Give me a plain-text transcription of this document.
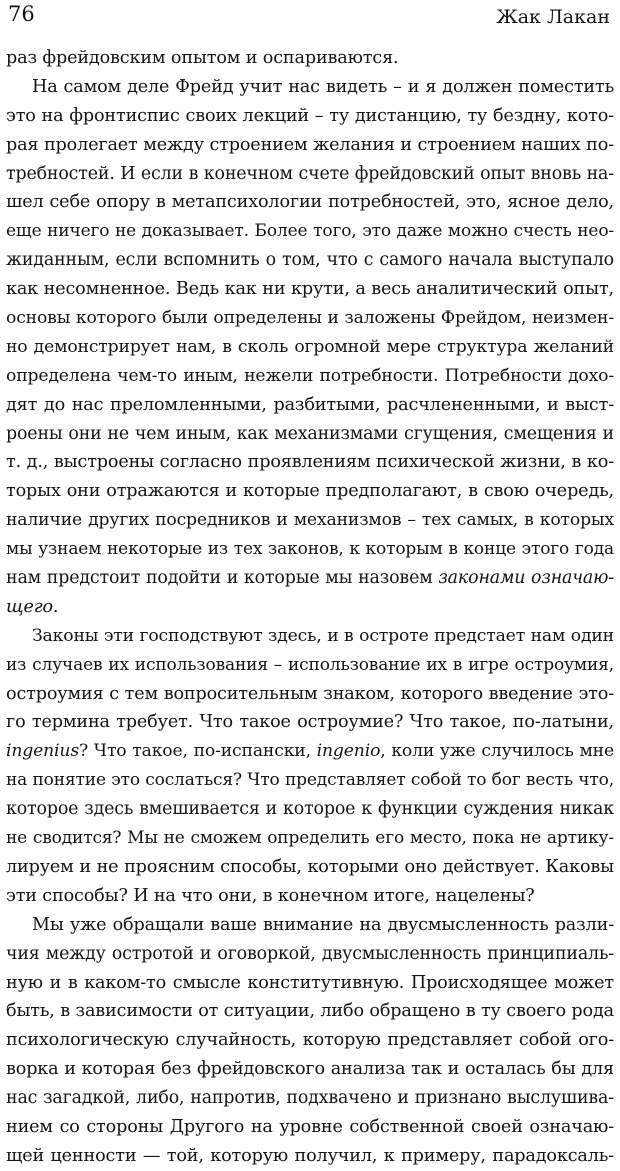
76	Жак Лакан
раз фрейдовским опытом и оспариваются.
На самом деле Фрейд учит нас видеть – и я должен поместить
это на фронтиспис своих лекций – ту дистанцию, ту бездну, кото-
рая пролегает между строением желания и строением наших по-
требностей. И если в конечном счете фрейдовский опыт вновь на-
шел себе опору в метапсихологии потребностей, это, ясное дело,
еще ничего не доказывает. Более того, это даже можно счесть нео-
жиданным, если вспомнить о том, что с самого начала выступало
как несомненное. Ведь как ни крути, а весь аналитический опыт,
основы которого были определены и заложены Фрейдом, неизмен-
но демонстрирует нам, в сколь огромной мере структура желаний
определена чем-то иным, нежели потребности. Потребности дохо-
дят до нас преломленными, разбитыми, расчлененными, и выст-
роены они не чем иным, как механизмами сгущения, смещения и
т. д., выстроены согласно проявлениям психической жизни, в ко-
торых они отражаются и которые предполагают, в свою очередь,
наличие других посредников и механизмов – тех самых, в которых
мы узнаем некоторые из тех законов, к которым в конце этого года
нам предстоит подойти и которые мы назовем законами означаю-
щего.
Законы эти господствуют здесь, и в остроте предстает нам один
из случаев их использования – использование их в игре остроумия,
остроумия с тем вопросительным знаком, которого введение это-
го термина требует. Что такое остроумие? Что такое, по-латыни,
ingenius? Что такое, по-испански, ingenio, коли уже случилось мне
на понятие это сослаться? Что представляет собой то бог весть что,
которое здесь вмешивается и которое к функции суждения никак
не сводится? Мы не сможем определить его место, пока не артику-
лируем и не проясним способы, которыми оно действует. Каковы
эти способы? И на что они, в конечном итоге, нацелены?
Мы уже обращали ваше внимание на двусмысленность разли-
чия между остротой и оговоркой, двусмысленность принципиаль-
ную и в каком-то смысле конститутивную. Происходящее может
быть, в зависимости от ситуации, либо обращено в ту своего рода
психологическую случайность, которую представляет собой ого-
ворка и которая без фрейдовского анализа так и осталась бы для
нас загадкой, либо, напротив, подхвачено и признано выслушива-
нием со стороны Другого на уровне собственной своей означаю-
щей ценности — той, которую получил, к примеру, парадоксаль-
